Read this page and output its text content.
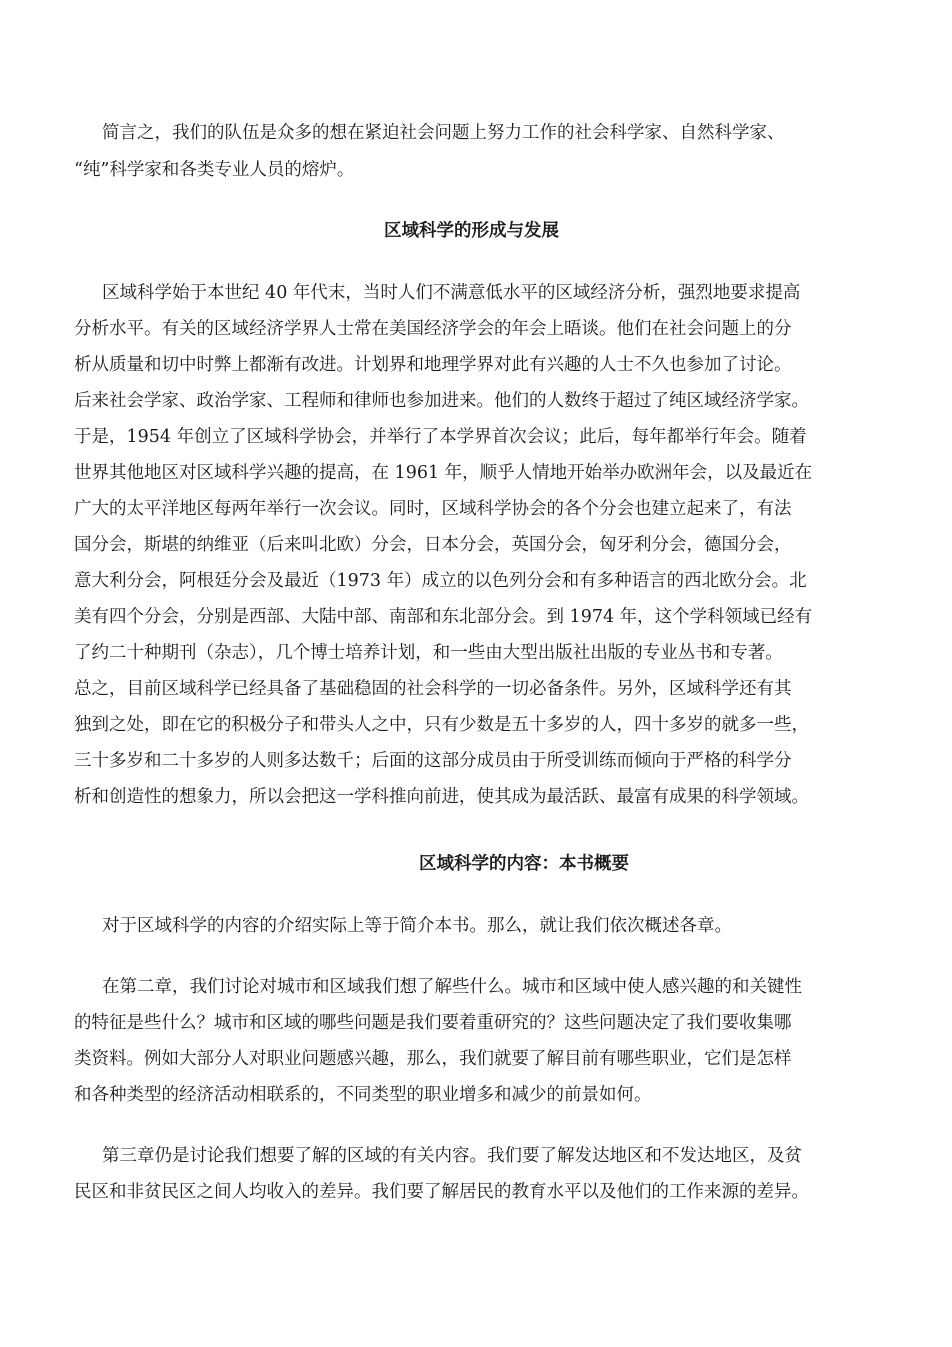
简言之，我们的队伍是众多的想在紧迫社会问题上努力工作的社会科学家、自然科学家、
“纯”科学家和各类专业人员的熔炉。
区域科学的形成与发展
区域科学始于本世纪 40 年代末，当时人们不满意低水平的区域经济分析，强烈地要求提高
分析水平。有关的区域经济学界人士常在美国经济学会的年会上晤谈。他们在社会问题上的分
析从质量和切中时弊上都渐有改进。计划界和地理学界对此有兴趣的人士不久也参加了讨论。
后来社会学家、政治学家、工程师和律师也参加进来。他们的人数终于超过了纯区域经济学家。
于是，1954 年创立了区域科学协会，并举行了本学界首次会议；此后，每年都举行年会。随着
世界其他地区对区域科学兴趣的提高，在 1961 年，顺乎人情地开始举办欧洲年会，以及最近在
广大的太平洋地区每两年举行一次会议。同时，区域科学协会的各个分会也建立起来了，有法
国分会，斯堪的纳维亚（后来叫北欧）分会，日本分会，英国分会，匈牙利分会，德国分会，
意大利分会，阿根廷分会及最近（1973 年）成立的以色列分会和有多种语言的西北欧分会。北
美有四个分会，分别是西部、大陆中部、南部和东北部分会。到 1974 年，这个学科领域已经有
了约二十种期刊（杂志），几个博士培养计划，和一些由大型出版社出版的专业丛书和专著。
总之，目前区域科学已经具备了基础稳固的社会科学的一切必备条件。另外，区域科学还有其
独到之处，即在它的积极分子和带头人之中，只有少数是五十多岁的人，四十多岁的就多一些，
三十多岁和二十多岁的人则多达数千；后面的这部分成员由于所受训练而倾向于严格的科学分
析和创造性的想象力，所以会把这一学科推向前进，使其成为最活跃、最富有成果的科学领域。
区域科学的内容：本书概要
对于区域科学的内容的介绍实际上等于简介本书。那么，就让我们依次概述各章。
在第二章，我们讨论对城市和区域我们想了解些什么。城市和区域中使人感兴趣的和关键性
的特征是些什么？城市和区域的哪些问题是我们要着重研究的？这些问题决定了我们要收集哪
类资料。例如大部分人对职业问题感兴趣，那么，我们就要了解目前有哪些职业，它们是怎样
和各种类型的经济活动相联系的，不同类型的职业增多和减少的前景如何。
第三章仍是讨论我们想要了解的区域的有关内容。我们要了解发达地区和不发达地区，及贫
民区和非贫民区之间人均收入的差异。我们要了解居民的教育水平以及他们的工作来源的差异。
